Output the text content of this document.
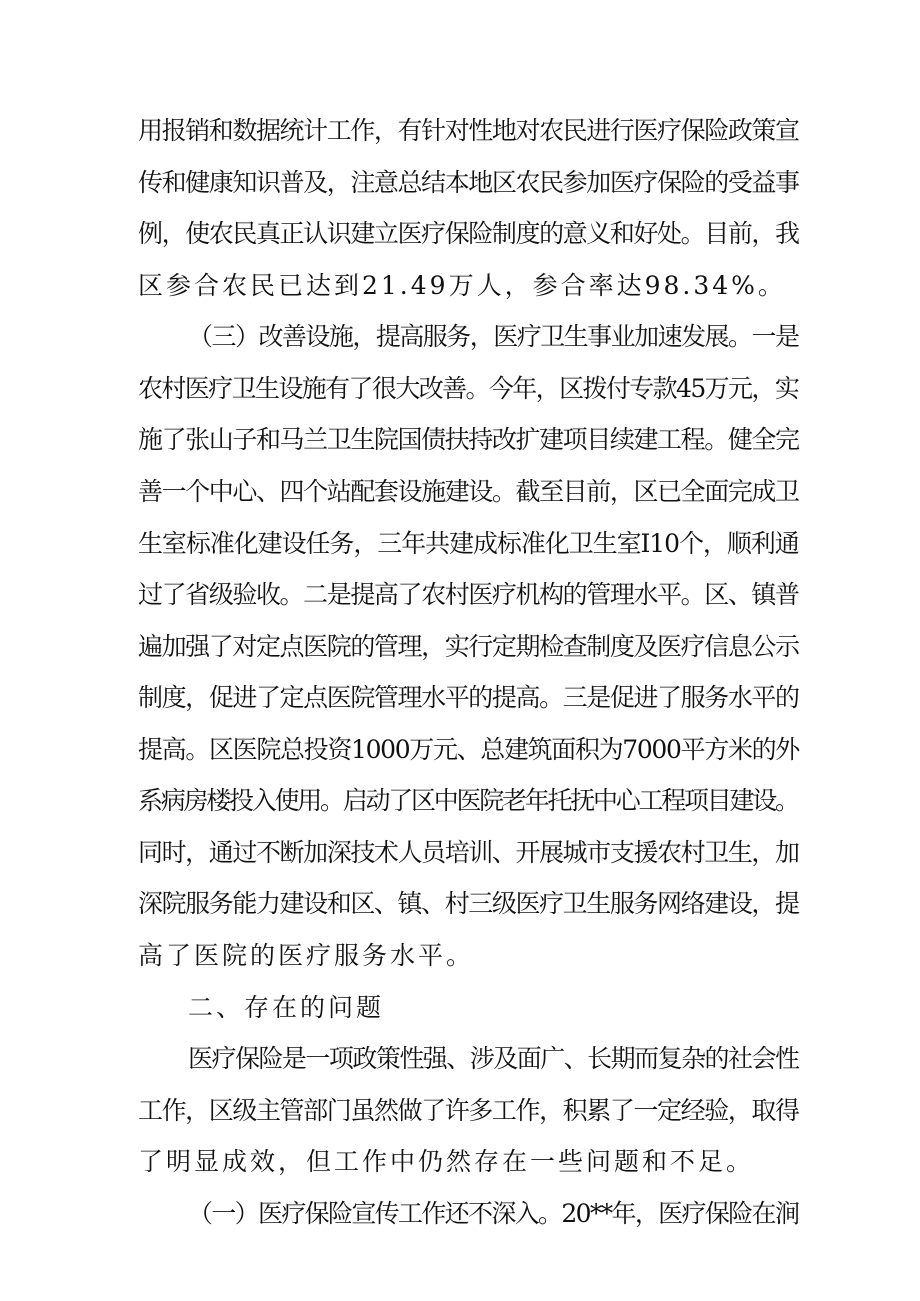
用报销和数据统计工作，有针对性地对农民进行医疗保险政策宣
传和健康知识普及，注意总结本地区农民参加医疗保险的受益事
例，使农民真正认识建立医疗保险制度的意义和好处。目前，我
区参合农民已达到21.49万人，参合率达98.34%。
（三）改善设施，提高服务，医疗卫生事业加速发展。一是
农村医疗卫生设施有了很大改善。今年，区拨付专款45万元，实
施了张山子和马兰卫生院国债扶持改扩建项目续建工程。健全完
善一个中心、四个站配套设施建设。截至目前，区已全面完成卫
生室标准化建设任务，三年共建成标准化卫生室I10个，顺利通
过了省级验收。二是提高了农村医疗机构的管理水平。区、镇普
遍加强了对定点医院的管理，实行定期检查制度及医疗信息公示
制度，促进了定点医院管理水平的提高。三是促进了服务水平的
提高。区医院总投资1000万元、总建筑面积为7000平方米的外
系病房楼投入使用。启动了区中医院老年托抚中心工程项目建设。
同时，通过不断加深技术人员培训、开展城市支援农村卫生，加
深院服务能力建设和区、镇、村三级医疗卫生服务网络建设，提
高了医院的医疗服务水平。
二、存在的问题
医疗保险是一项政策性强、涉及面广、长期而复杂的社会性
工作，区级主管部门虽然做了许多工作，积累了一定经验，取得
了明显成效，但工作中仍然存在一些问题和不足。
（一）医疗保险宣传工作还不深入。20**年，医疗保险在涧
